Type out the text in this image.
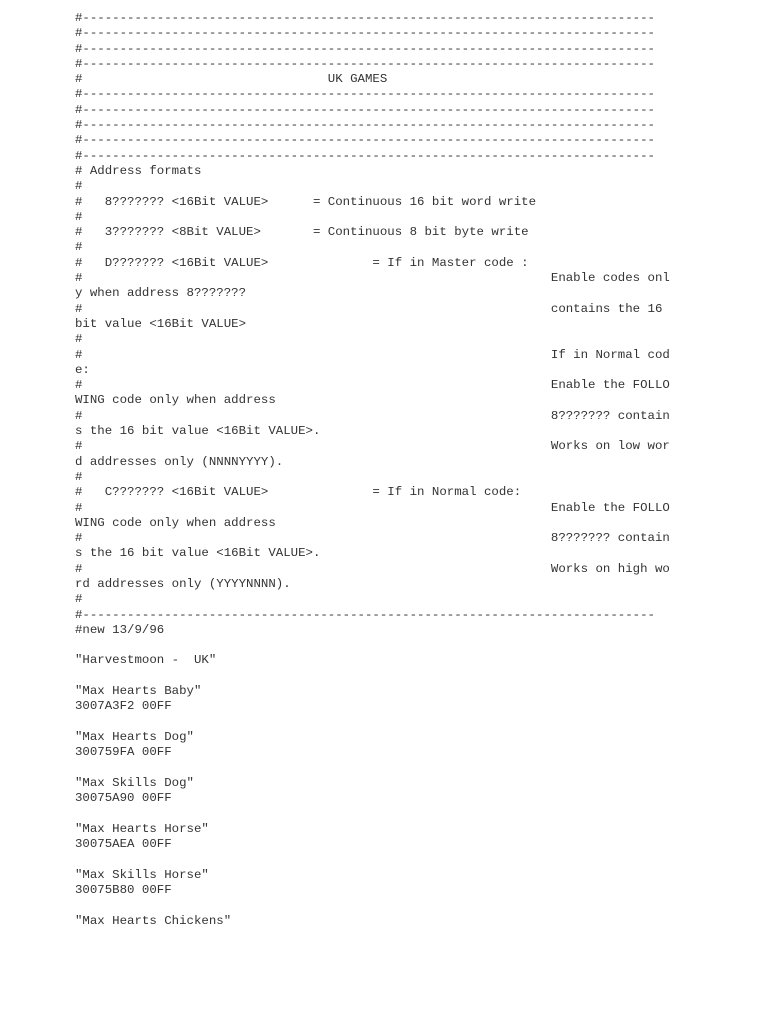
#-----------------------------------------------------------------------------
#-----------------------------------------------------------------------------
#-----------------------------------------------------------------------------
#-----------------------------------------------------------------------------
#                                 UK GAMES
#-----------------------------------------------------------------------------
#-----------------------------------------------------------------------------
#-----------------------------------------------------------------------------
#-----------------------------------------------------------------------------
#-----------------------------------------------------------------------------
# Address formats
#
#   8??????? <16Bit VALUE>      = Continuous 16 bit word write
#
#   3??????? <8Bit VALUE>       = Continuous 8 bit byte write
#
#   D??????? <16Bit VALUE>              = If in Master code :
#                                                               Enable codes onl
y when address 8???????
#                                                               contains the 16
bit value <16Bit VALUE>
#
#                                                               If in Normal cod
e:
#                                                               Enable the FOLLO
WING code only when address
#                                                               8??????? contain
s the 16 bit value <16Bit VALUE>.
#                                                               Works on low wor
d addresses only (NNNNYYYY).
#
#   C??????? <16Bit VALUE>              = If in Normal code:
#                                                               Enable the FOLLO
WING code only when address
#                                                               8??????? contain
s the 16 bit value <16Bit VALUE>.
#                                                               Works on high wo
rd addresses only (YYYYNNNN).
#
#-----------------------------------------------------------------------------
#new 13/9/96
"Harvestmoon -  UK"
"Max Hearts Baby"
3007A3F2 00FF
"Max Hearts Dog"
300759FA 00FF
"Max Skills Dog"
30075A90 00FF
"Max Hearts Horse"
30075AEA 00FF
"Max Skills Horse"
30075B80 00FF
"Max Hearts Chickens"
